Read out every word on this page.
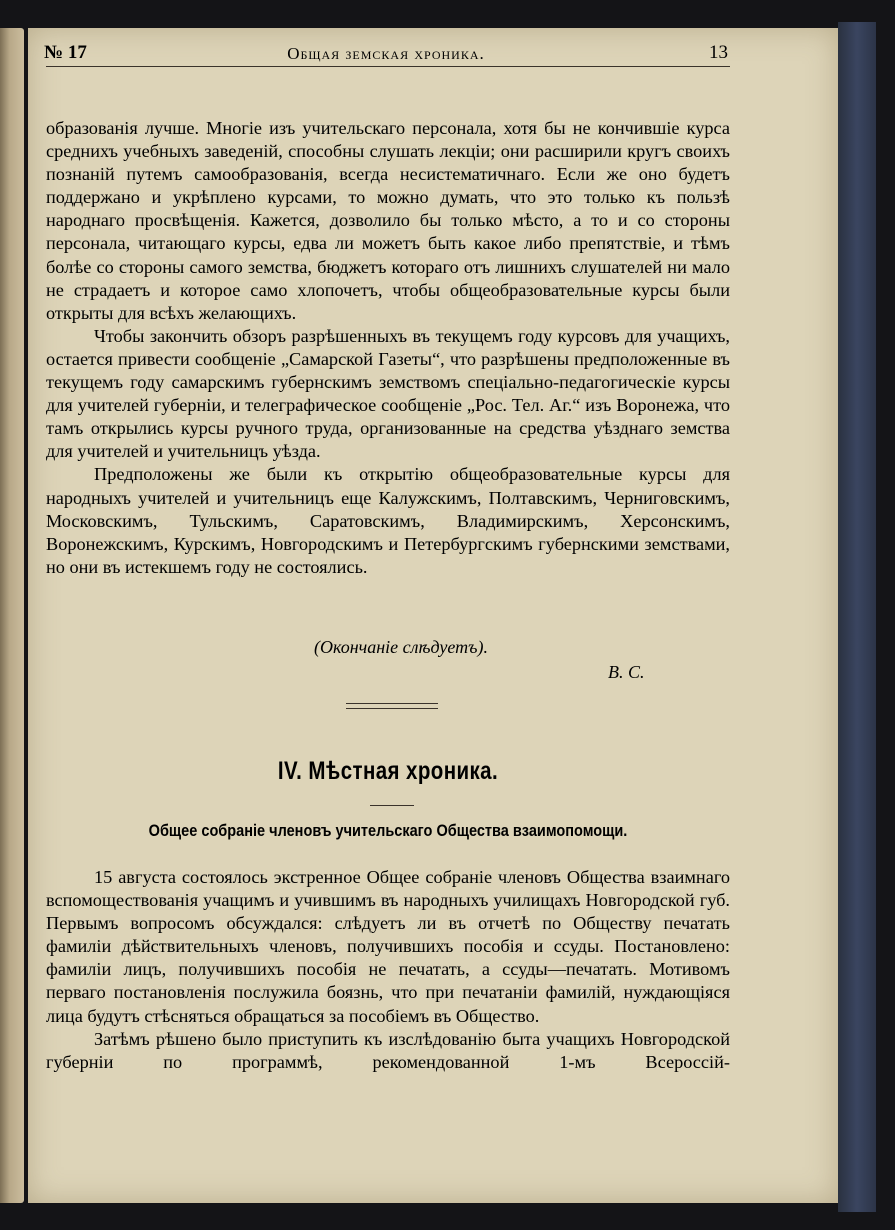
№ 17	Общая земская хроника.	13

образованія лучше. Многіе изъ учительскаго персонала, хотя бы не кончившіе курса среднихъ учебныхъ заведеній, способны слушать лекціи; они расширили кругъ своихъ познаній путемъ самообразованія, всегда несистематичнаго. Если же оно будетъ поддержано и укрѣплено курсами, то можно думать, что это только къ пользѣ народнаго просвѣщенія. Кажется, дозволило бы только мѣсто, а то и со стороны персонала, читающаго курсы, едва ли можетъ быть какое либо препятствіе, и тѣмъ болѣе со стороны самого земства, бюджетъ котораго отъ лишнихъ слушателей ни мало не страдаетъ и которое само хлопочетъ, чтобы общеобразовательные курсы были открыты для всѣхъ желающихъ.

Чтобы закончить обзоръ разрѣшенныхъ въ текущемъ году курсовъ для учащихъ, остается привести сообщеніе „Самарской Газеты“, что разрѣшены предположенные въ текущемъ году самарскимъ губернскимъ земствомъ спеціально-педагогическіе курсы для учителей губерніи, и телеграфическое сообщеніе „Рос. Тел. Аг.“ изъ Воронежа, что тамъ открылись курсы ручного труда, организованные на средства уѣзднаго земства для учителей и учительницъ уѣзда.

Предположены же были къ открытію общеобразовательные курсы для народныхъ учителей и учительницъ еще Калужскимъ, Полтавскимъ, Черниговскимъ, Московскимъ, Тульскимъ, Саратовскимъ, Владимирскимъ, Херсонскимъ, Воронежскимъ, Курскимъ, Новгородскимъ и Петербургскимъ губернскими земствами, но они въ истекшемъ году не состоялись.

(Окончаніе слѣдуетъ).
В. С.
IV. Мѣстная хроника.
Общее собраніе членовъ учительскаго Общества взаимопомощи.

15 августа состоялось экстренное Общее собраніе членовъ Общества взаимнаго вспомоществованія учащимъ и учившимъ въ народныхъ училищахъ Новгородской губ. Первымъ вопросомъ обсуждался: слѣдуетъ ли въ отчетѣ по Обществу печатать фамиліи дѣйствительныхъ членовъ, получившихъ пособія и ссуды. Постановлено: фамиліи лицъ, получившихъ пособія не печатать, а ссуды—печатать. Мотивомъ перваго постановленія послужила боязнь, что при печатаніи фамилій, нуждающіяся лица будутъ стѣсняться обращаться за пособіемъ въ Общество.

Затѣмъ рѣшено было приступить къ изслѣдованію быта учащихъ Новгородской губерніи по программѣ, рекомендованной 1-мъ Всероссій-
